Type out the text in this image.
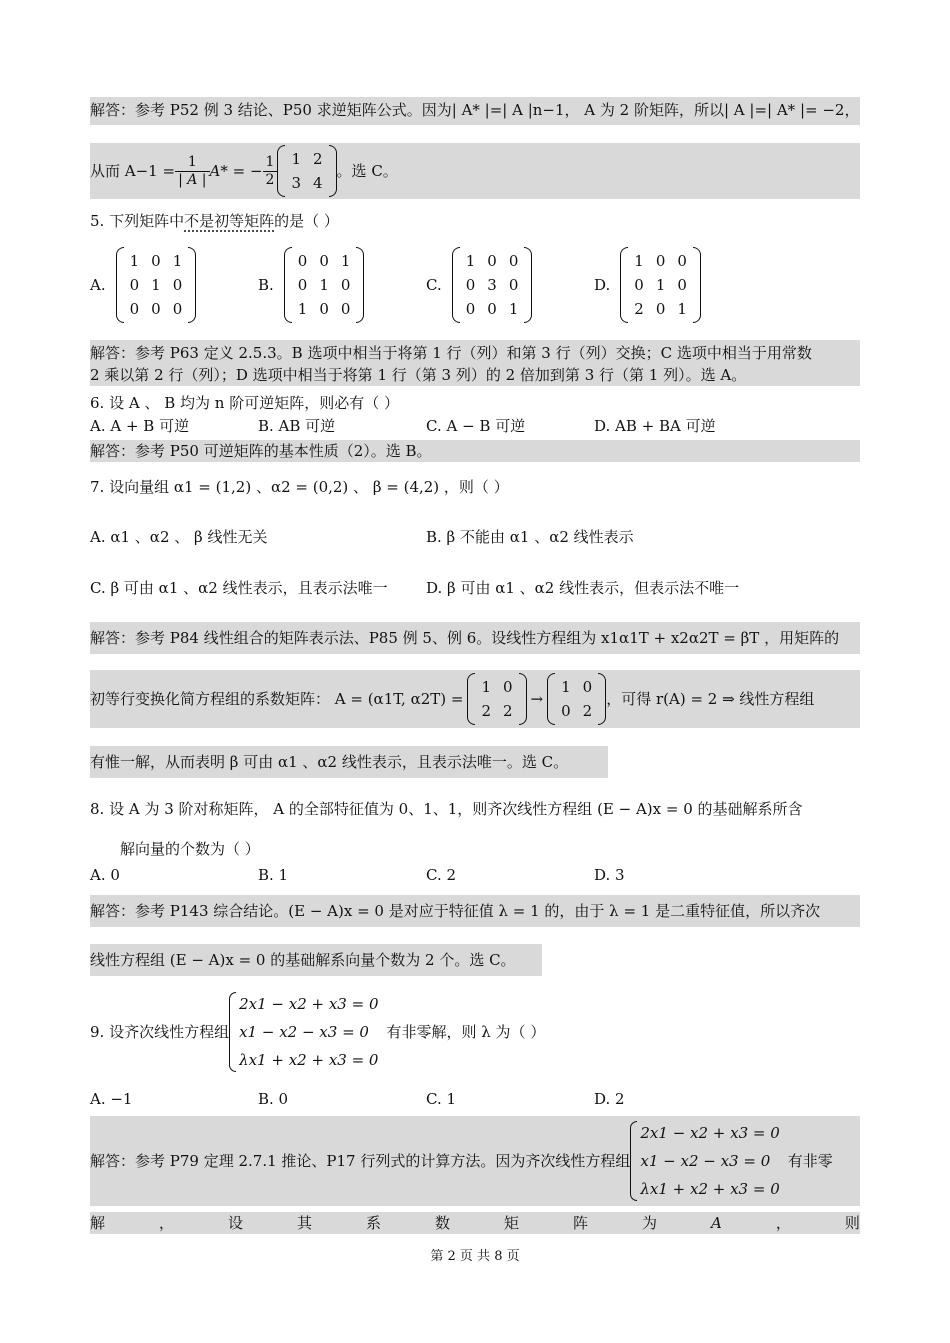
解答：参考 P52 例 3 结论、P50 求逆矩阵公式。因为| A* |=| A |n−1， A 为 2 阶矩阵，所以| A |=| A* |= −2，
从而 $A-1 = \frac{1}{| A |} A*$ = − $\frac{1}{2} 1$	2
3	4
。选 C。
5. 下列矩阵中不是初等矩阵的是（ ）
A.
1	0	1
0	1	0
0	0	0
B.
0	0	1
0	1	0
1	0	0
C.
1	0	0
0	3	0
0	0	1
D.
1	0	0
0	1	0
2	0	1
解答：参考 P63 定义 2.5.3。B 选项中相当于将第 1 行（列）和第 3 行（列）交换；C 选项中相当于用常数
2 乘以第 2 行（列）；D 选项中相当于将第 1 行（第 3 列）的 2 倍加到第 3 行（第 1 列）。选 A。
6. 设 A 、 B 均为 n 阶可逆矩阵，则必有（ ）
A. A + B 可逆	B. AB 可逆	C. A − B 可逆	D. AB + BA 可逆
解答：参考 P50 可逆矩阵的基本性质（2）。选 B。
7. 设向量组 α1 = (1,2) 、α2 = (0,2) 、 β = (4,2) ，则（ ）
A. α1 、α2 、 β 线性无关	B. β 不能由 α1 、α2 线性表示
C. β 可由 α1 、α2 线性表示，且表示法唯一	D. β 可由 α1 、α2 线性表示，但表示法不唯一
解答：参考 P84 线性组合的矩阵表示法、P85 例 5、例 6。设线性方程组为 x1α1T + x2α2T = βT ，用矩阵的
初等行变换化简方程组的系数矩阵： A = (α1T, α2T) =
1	0
2	2
→
1	0
0	2
，可得 r(A) = 2 ⇒ 线性方程组
有惟一解，从而表明 β 可由 α1 、α2 线性表示，且表示法唯一。选 C。
8. 设 A 为 3 阶对称矩阵， A 的全部特征值为 0、1、1，则齐次线性方程组 (E − A)x = 0 的基础解系所含
解向量的个数为（ ）
A. 0	B. 1	C. 2	D. 3
解答：参考 P143 综合结论。(E − A)x = 0 是对应于特征值 λ = 1 的，由于 λ = 1 是二重特征值，所以齐次
线性方程组 (E − A)x = 0 的基础解系向量个数为 2 个。选 C。
9. 设齐次线性方程组
2x1 − x2 + x3 = 0
x1 − x2 − x3 = 0
λx1 + x2 + x3 = 0
有非零解，则 λ 为（ ）
A. −1	B. 0	C. 1	D. 2
解答：参考 P79 定理 2.7.1 推论、P17 行列式的计算方法。因为齐次线性方程组
2x1 − x2 + x3 = 0
x1 − x2 − x3 = 0
λx1 + x2 + x3 = 0
有非零
解	，	设	其	系	数	矩	阵	为	A	，	则
第 2 页 共 8 页
